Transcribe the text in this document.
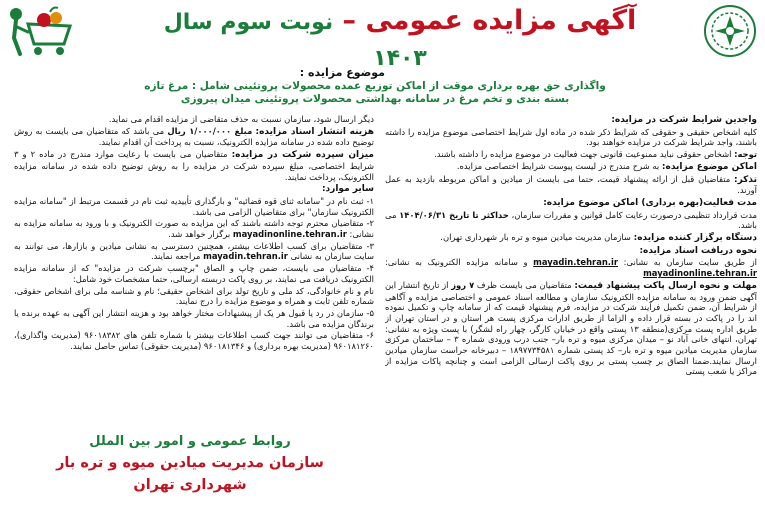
آگهی مزایده عمومی – نوبت سوم سال ۱۴۰۳
موضوع مزایده :
واگذاری حق بهره برداری موقت از اماکن توزیع عمده محصولات پروتئینی شامل : مرغ تازه بسته بندی و تخم مرغ در سامانه بهداشتی محصولات پروتئینی میدان پیروزی
واجدین شرایط شرکت در مزایده:
کلیه اشخاص حقیقی و حقوقی که شرایط ذکر شده در ماده اول شرایط اختصاصی موضوع مزایده را داشته باشند، واجد شرایط شرکت در مزایده خواهند بود.
توجه: اشخاص حقوقی نباید ممنوعیت قانونی جهت فعالیت در موضوع مزایده را داشته باشند.
اماکن موضوع مزایده: به شرح مندرج در لیست پیوست شرایط اختصاصی مزایده.
تذکر: متقاضیان قبل از ارائه پیشنهاد قیمت، حتما می بایست از میادین و اماکن مربوطه بازدید به عمل آورند.
مدت فعالیت(بهره برداری) اماکن موضوع مزایده:
مدت قرارداد تنظیمی درصورت رعایت کامل قوانین و مقررات سازمان، حداکثر تا تاریخ ۱۴۰۴/۰۶/۳۱ می باشد.
دستگاه برگزار کننده مزایده: سازمان مدیریت میادین میوه و تره بار شهرداری تهران.
نحوه دریافت اسناد مزایده:
از طریق سایت سازمان به نشانی: mayadin.tehran.ir و سامانه مزایده الکترونیک به نشانی: mayadinonline.tehran.ir
مهلت و نحوه ارسال پاکت پیشنهاد قیمت: متقاضیان می بایست ظرف ۷ روز از تاریخ انتشار این آگهی ضمن ورود به سامانه مزایده الکترونیک سازمان و مطالعه اسناد عمومی و اختصاصی مزایده و آگاهی از شرایط آن، ضمن تکمیل فرآیند شرکت در مزایده، فرم پیشنهاد قیمت که از سامانه چاپ و تکمیل نموده اند را در پاکت در بسته قرار داده و الزاما از طریق ادارات مرکزی پست هر استان و در استان تهران از طریق اداره پست مرکزی(منطقه ۱۳ پستی واقع در خیابان کارگر، چهار راه لشگر) با پست ویژه به نشانی: تهران، انتهای خانی آباد نو – میدان مرکزی میوه و تره بار– جنب درب ورودی شماره ۳ – ساختمان مرکزی سازمان مدیریت میادین میوه و تره بار– کد پستی شماره ۱۸۹۷۷۳۴۵۸۱ – دبیرخانه حراست سازمان میادین ارسال نمایند.ضمنا الصاق بر چسب پستی بر روی پاکت ارسالی الزامی است و چنانچه پاکات مزایده از مراکز یا شعب پستی
دیگر ارسال شود، سازمان نسبت به حذف متقاضی از مزایده اقدام می نماید.
هزینه انتشار اسناد مزایده: مبلغ ۱/۰۰۰/۰۰۰ ریال می باشد که متقاضیان می بایست به روش توضیح داده شده در سامانه مزایده الکترونیک، نسبت به پرداخت آن اقدام نمایند.
میزان سپرده شرکت در مزایده: متقاضیان می بایست با رعایت موارد مندرج در ماده ۲ و ۳ شرایط اختصاصی، مبلغ سپرده شرکت در مزایده را به روش توضیح داده شده در سامانه مزایده الکترونیک، پرداخت نمایند.
سایر موارد:
۱- ثبت نام در "سامانه ثنای قوه قضائیه" و بارگذاری تأییدیه ثبت نام در قسمت مرتبط از "سامانه مزایده الکترونیک سازمان" برای متقاضیان الزامی می باشد.
۲- متقاضیان محترم توجه داشته باشند که این مزایده به صورت الکترونیک و با ورود به سامانه مزایده به نشانی: mayadinonline.tehran.ir برگزار خواهد شد.
۳- متقاضیان برای کسب اطلاعات بیشتر، همچنین دسترسی به نشانی میادین و بازارها، می توانند به سایت سازمان به نشانی mayadin.tehran.ir مراجعه نمایند.
۴- متقاضیان می بایست، ضمن چاپ و الصاق "برچسب شرکت در مزایده" که از سامانه مزایده الکترونیک دریافت می نمایند، بر روی پاکت دربسته ارسالی، حتما مشخصات خود شامل:
نام و نام خانوادگی، کد ملی و تاریخ تولد برای اشخاص حقیقی؛ نام و شناسه ملی برای اشخاص حقوقی، شماره تلفن ثابت و همراه و موضوع مزایده را درج نمایند.
۵- سازمان در رد یا قبول هر یک از پیشنهادات مختار خواهد بود و هزینه انتشار این آگهی به عهده برنده یا برندگان مزایده می باشد.
۶- متقاضیان می توانند جهت کسب اطلاعات بیشتر با شماره تلفن های ۹۶۰۱۸۳۸۲ (مدیریت واگذاری)، ۹۶۰۱۸۱۲۶۰ (مدیریت بهره برداری) و ۹۶۰۱۸۱۳۴۶ (مدیریت حقوقی) تماس حاصل نمایند.
روابط عمومی و امور بین الملل
سازمان مدیریت میادین میوه و تره بار شهرداری تهران
